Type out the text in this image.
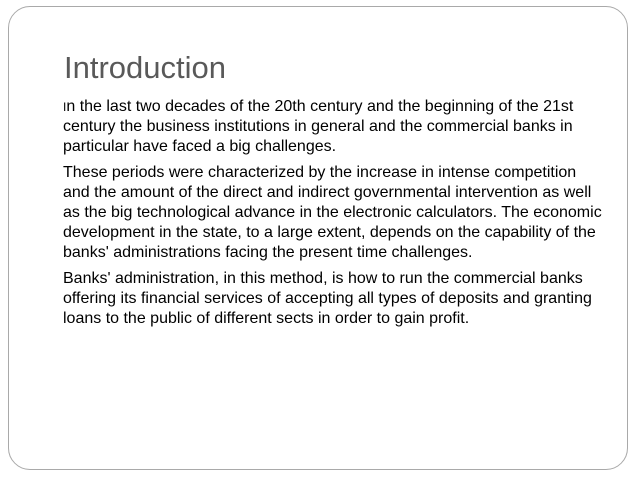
Introduction

In the last two decades of the 20th century and the beginning of the 21st century the business institutions in general and the commercial banks in particular have faced a big challenges.

These periods were characterized by the increase in intense competition and the amount of the direct and indirect governmental intervention as well as the big technological advance in the electronic calculators. The economic development in the state, to a large extent, depends on the capability of the banks' administrations facing the present time challenges.

Banks' administration, in this method, is how to run the commercial banks offering its financial services of accepting all types of deposits and granting loans to the public of different sects in order to gain profit.
